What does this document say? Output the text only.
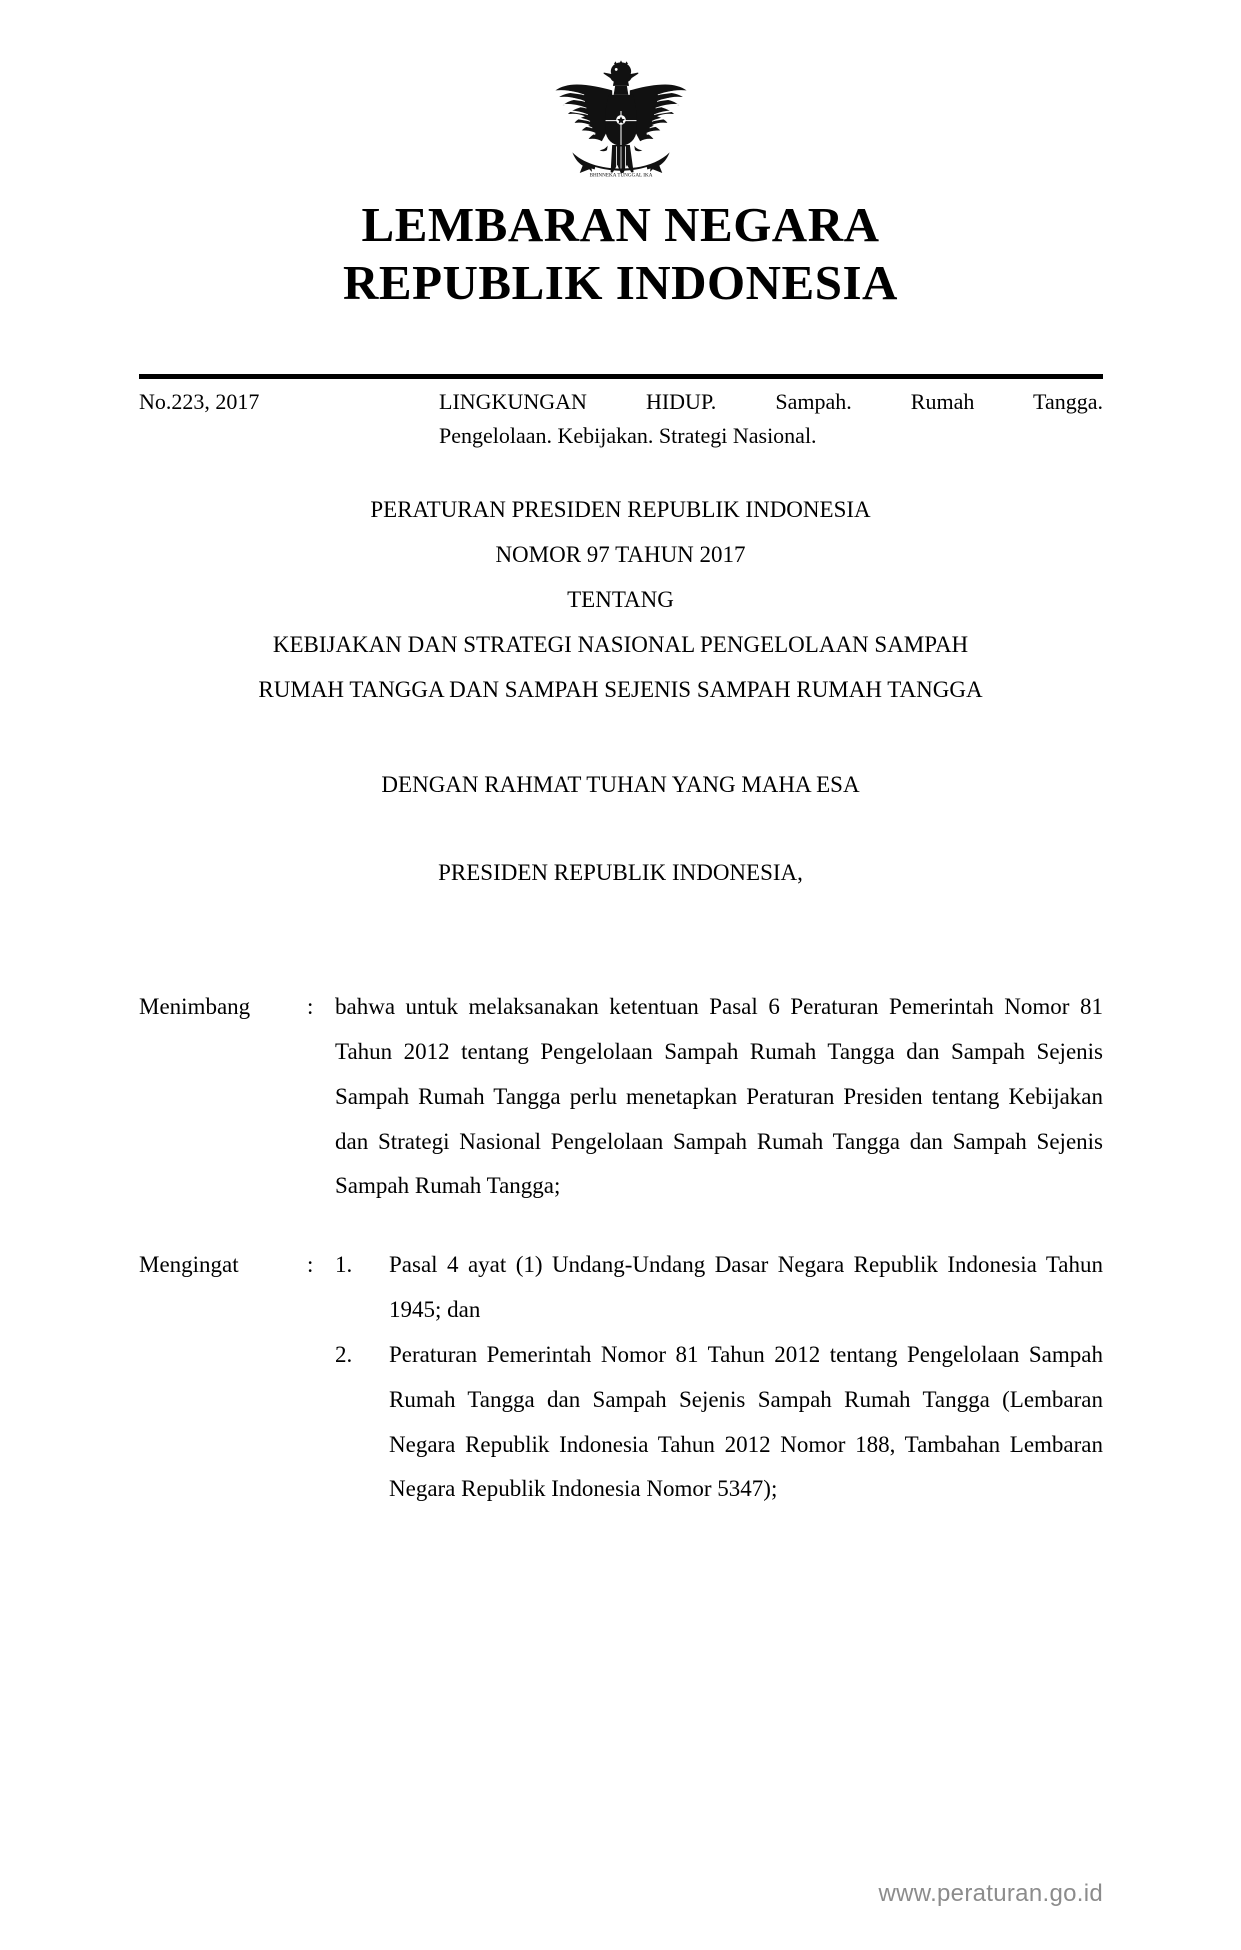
BHINNEKA TUNGGAL IKA
LEMBARAN NEGARA
REPUBLIK INDONESIA
No.223, 2017	LINGKUNGAN HIDUP. Sampah. Rumah Tangga.
Pengelolaan. Kebijakan. Strategi Nasional.
PERATURAN PRESIDEN REPUBLIK INDONESIA
NOMOR 97 TAHUN 2017
TENTANG
KEBIJAKAN DAN STRATEGI NASIONAL PENGELOLAAN SAMPAH
RUMAH TANGGA DAN SAMPAH SEJENIS SAMPAH RUMAH TANGGA
DENGAN RAHMAT TUHAN YANG MAHA ESA
PRESIDEN REPUBLIK INDONESIA,
Menimbang	: bahwa untuk melaksanakan ketentuan Pasal 6 Peraturan Pemerintah Nomor 81 Tahun 2012 tentang Pengelolaan Sampah Rumah Tangga dan Sampah Sejenis Sampah Rumah Tangga perlu menetapkan Peraturan Presiden tentang Kebijakan dan Strategi Nasional Pengelolaan Sampah Rumah Tangga dan Sampah Sejenis Sampah Rumah Tangga;

Mengingat	: 1.	Pasal 4 ayat (1) Undang-Undang Dasar Negara Republik Indonesia Tahun 1945; dan
2.	Peraturan Pemerintah Nomor 81 Tahun 2012 tentang Pengelolaan Sampah Rumah Tangga dan Sampah Sejenis Sampah Rumah Tangga (Lembaran Negara Republik Indonesia Tahun 2012 Nomor 188, Tambahan Lembaran Negara Republik Indonesia Nomor 5347);
www.peraturan.go.id
